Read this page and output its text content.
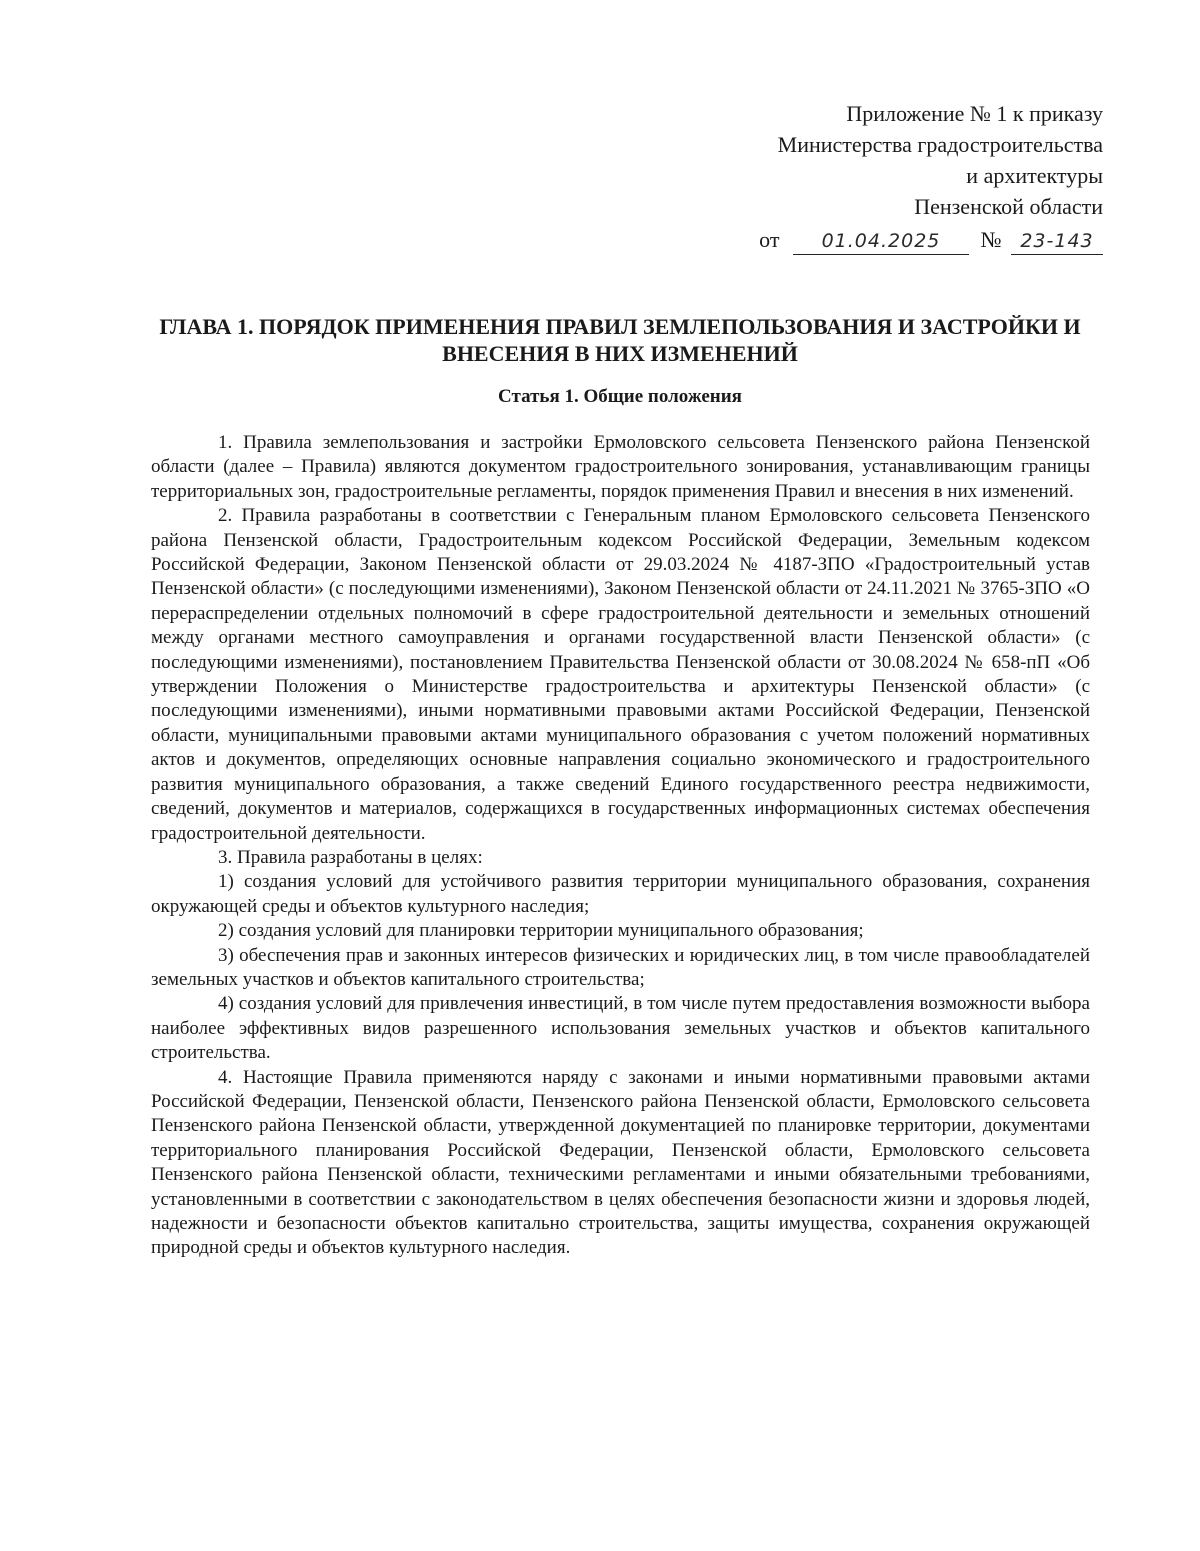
Приложение № 1 к приказу
Министерства градостроительства
и архитектуры
Пензенской области
от 01.04.2025 № 23-143
ГЛАВА 1. ПОРЯДОК ПРИМЕНЕНИЯ ПРАВИЛ ЗЕМЛЕПОЛЬЗОВАНИЯ И ЗАСТРОЙКИ И ВНЕСЕНИЯ В НИХ ИЗМЕНЕНИЙ
Статья 1. Общие положения

1. Правила землепользования и застройки Ермоловского сельсовета Пензенского района Пензенской области (далее – Правила) являются документом градостроительного зонирования, устанавливающим границы территориальных зон, градостроительные регламенты, порядок применения Правил и внесения в них изменений.

2. Правила разработаны в соответствии с Генеральным планом Ермоловского сельсовета Пензенского района Пензенской области, Градостроительным кодексом Российской Федерации, Земельным кодексом Российской Федерации, Законом Пензенской области от 29.03.2024 № 4187-ЗПО «Градостроительный устав Пензенской области» (с последующими изменениями), Законом Пензенской области от 24.11.2021 № 3765-ЗПО «О перераспределении отдельных полномочий в сфере градостроительной деятельности и земельных отношений между органами местного самоуправления и органами государственной власти Пензенской области» (с последующими изменениями), постановлением Правительства Пензенской области от 30.08.2024 № 658-пП «Об утверждении Положения о Министерстве градостроительства и архитектуры Пензенской области» (с последующими изменениями), иными нормативными правовыми актами Российской Федерации, Пензенской области, муниципальными правовыми актами муниципального образования с учетом положений нормативных актов и документов, определяющих основные направления социально экономического и градостроительного развития муниципального образования, а также сведений Единого государственного реестра недвижимости, сведений, документов и материалов, содержащихся в государственных информационных системах обеспечения градостроительной деятельности.

3. Правила разработаны в целях:

1) создания условий для устойчивого развития территории муниципального образования, сохранения окружающей среды и объектов культурного наследия;

2) создания условий для планировки территории муниципального образования;

3) обеспечения прав и законных интересов физических и юридических лиц, в том числе правообладателей земельных участков и объектов капитального строительства;

4) создания условий для привлечения инвестиций, в том числе путем предоставления возможности выбора наиболее эффективных видов разрешенного использования земельных участков и объектов капитального строительства.

4. Настоящие Правила применяются наряду с законами и иными нормативными правовыми актами Российской Федерации, Пензенской области, Пензенского района Пензенской области, Ермоловского сельсовета Пензенского района Пензенской области, утвержденной документацией по планировке территории, документами территориального планирования Российской Федерации, Пензенской области, Ермоловского сельсовета Пензенского района Пензенской области, техническими регламентами и иными обязательными требованиями, установленными в соответствии с законодательством в целях обеспечения безопасности жизни и здоровья людей, надежности и безопасности объектов капитально строительства, защиты имущества, сохранения окружающей природной среды и объектов культурного наследия.
